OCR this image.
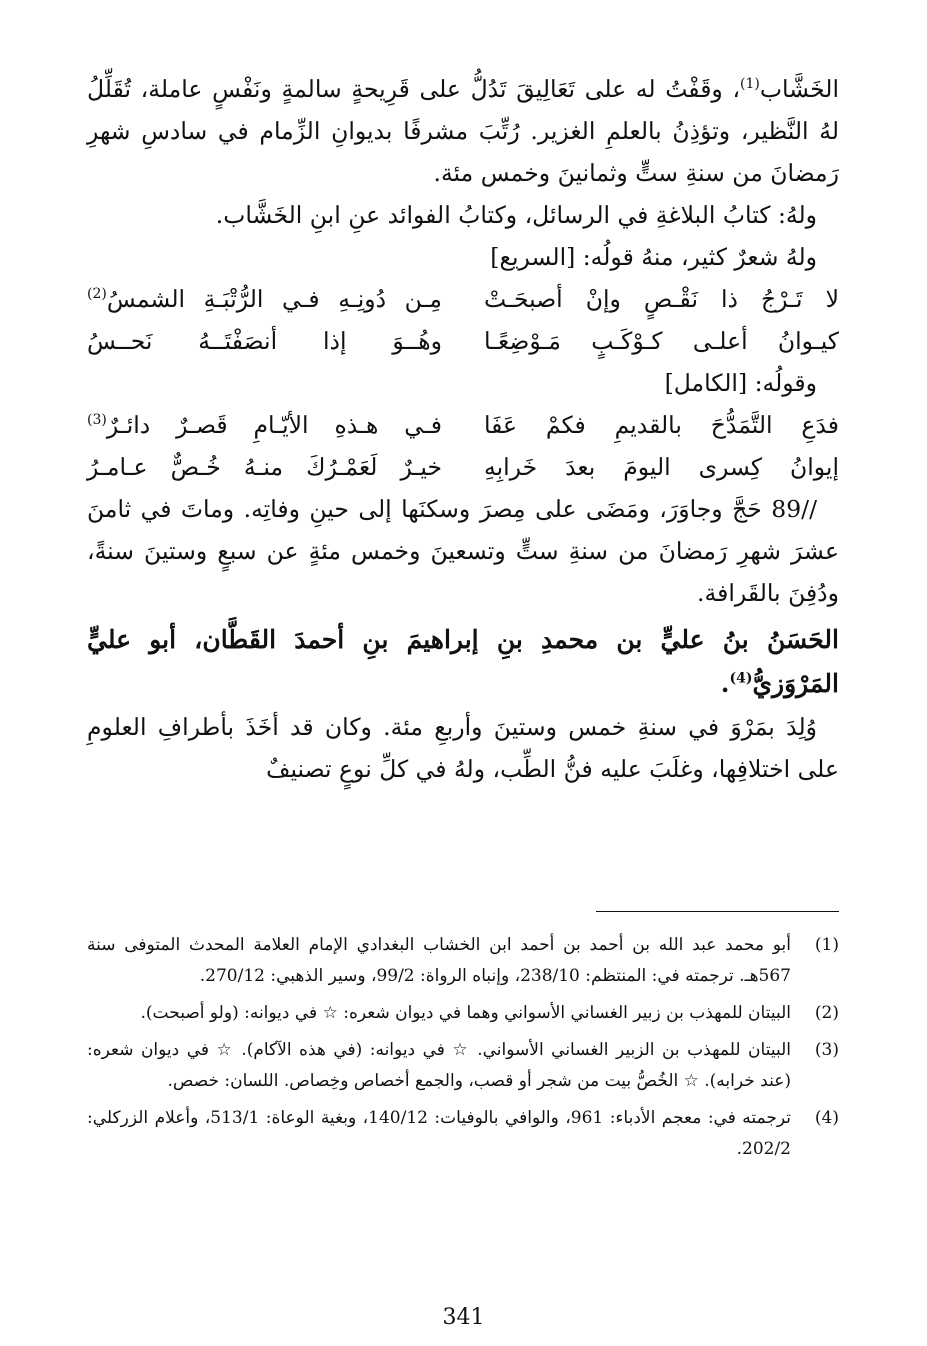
الخَشَّاب$^{(1)}$، وقَفْتُ له على تَعَالِيقَ تَدُلُّ على قَرِيحةٍ سالمةٍ ونَفْسٍ عاملة، تُقَلِّلُ لهُ النَّظير، وتؤذِنُ بالعلمِ الغزير. رُتِّبَ مشرفًا بديوانِ الزِّمام في سادسِ شهرِ رَمضانَ من سنةِ ستٍّ وثمانينَ وخمس مئة.

ولهُ: كتابُ البلاغةِ في الرسائل، وكتابُ الفوائد عنِ ابنِ الخَشَّاب.

ولهُ شعرٌ كثير، منهُ قولُه: [السريع]

لا تَـرْجُ ذا نَقْـصٍ وإنْ أصبحَـتْ
مِـن دُونِـهِ فـي الرُّتْبَـةِ الشمسُ$^{(2)}$
كيـوانُ أعلـى كـوْكَـبٍ مَـوْضِعًـا
وهُــوَ إذا أنصَفْتَــهُ نَحــسُ

وقولُه: [الكامل]

فدَعِ التَّمَدُّحَ بالقديمِ فكمْ عَفَا
فـي هـذهِ الأيّـامِ قَصـرٌ دائـرٌ$^{(3)}$
إيوانُ كِسرى اليومَ بعدَ خَرابِهِ
خيـرٌ لَعَمْـرُكَ منـهُ خُـصٌّ عـامـرُ

//89 حَجَّ وجاوَرَ، ومَضَى على مِصرَ وسكنَها إلى حينِ وفاتِه. وماتَ في ثامنَ عشرَ شهرِ رَمضانَ من سنةِ ستٍّ وتسعينَ وخمس مئةٍ عن سبعٍ وستينَ سنةً، ودُفِنَ بالقَرافة.

الحَسَنُ بنُ عليٍّ بن محمدِ بنِ إبراهيمَ بنِ أحمدَ القَطَّان، أبو عليٍّ المَرْوَزيُّ$^{(4)}$.

وُلِدَ بمَرْوَ في سنةِ خمس وستينَ وأربعِ مئة. وكان قد أخَذَ بأطرافِ العلومِ على اختلافِها، وغلَبَ عليه فنُّ الطِّب، ولهُ في كلِّ نوعٍ تصنيفٌ

(1)
أبو محمد عبد الله بن أحمد بن أحمد ابن الخشاب البغدادي الإمام العلامة المحدث المتوفى سنة 567هـ. ترجمته في: المنتظم: 238/10، وإنباه الرواة: 99/2، وسير الذهبي: 270/12.
(2)
البيتان للمهذب بن زبير الغساني الأسواني وهما في ديوان شعره: ☆ في ديوانه: (ولو أصبحت).
(3)
البيتان للمهذب بن الزبير الغساني الأسواني. ☆ في ديوانه: (في هذه الآكام). ☆ في ديوان شعره: (عند خرابه). ☆ الخُصُّ بيت من شجر أو قصب، والجمع أخصاص وخِصاص. اللسان: خصص.
(4)
ترجمته في: معجم الأدباء: 961، والوافي بالوفيات: 140/12، وبغية الوعاة: 513/1، وأعلام الزركلي: 202/2.
341
